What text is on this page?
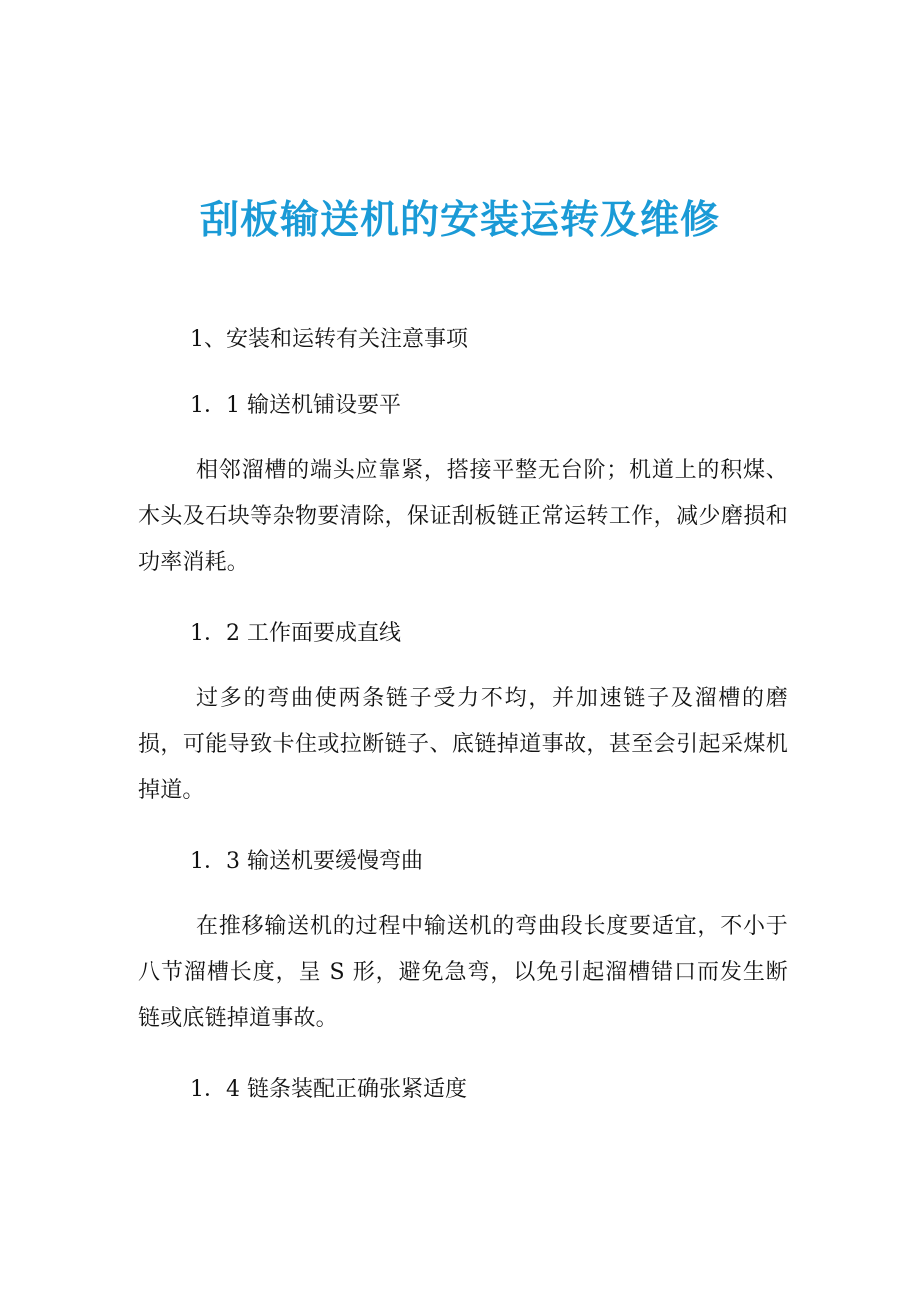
刮板输送机的安装运转及维修
1、安装和运转有关注意事项
1．1 输送机铺设要平
相邻溜槽的端头应靠紧，搭接平整无台阶；机道上的积煤、木头及石块等杂物要清除，保证刮板链正常运转工作，减少磨损和功率消耗。
1．2 工作面要成直线
过多的弯曲使两条链子受力不均，并加速链子及溜槽的磨损，可能导致卡住或拉断链子、底链掉道事故，甚至会引起采煤机掉道。
1．3 输送机要缓慢弯曲
在推移输送机的过程中输送机的弯曲段长度要适宜，不小于八节溜槽长度，呈 S 形，避免急弯，以免引起溜槽错口而发生断链或底链掉道事故。
1．4 链条装配正确张紧适度
